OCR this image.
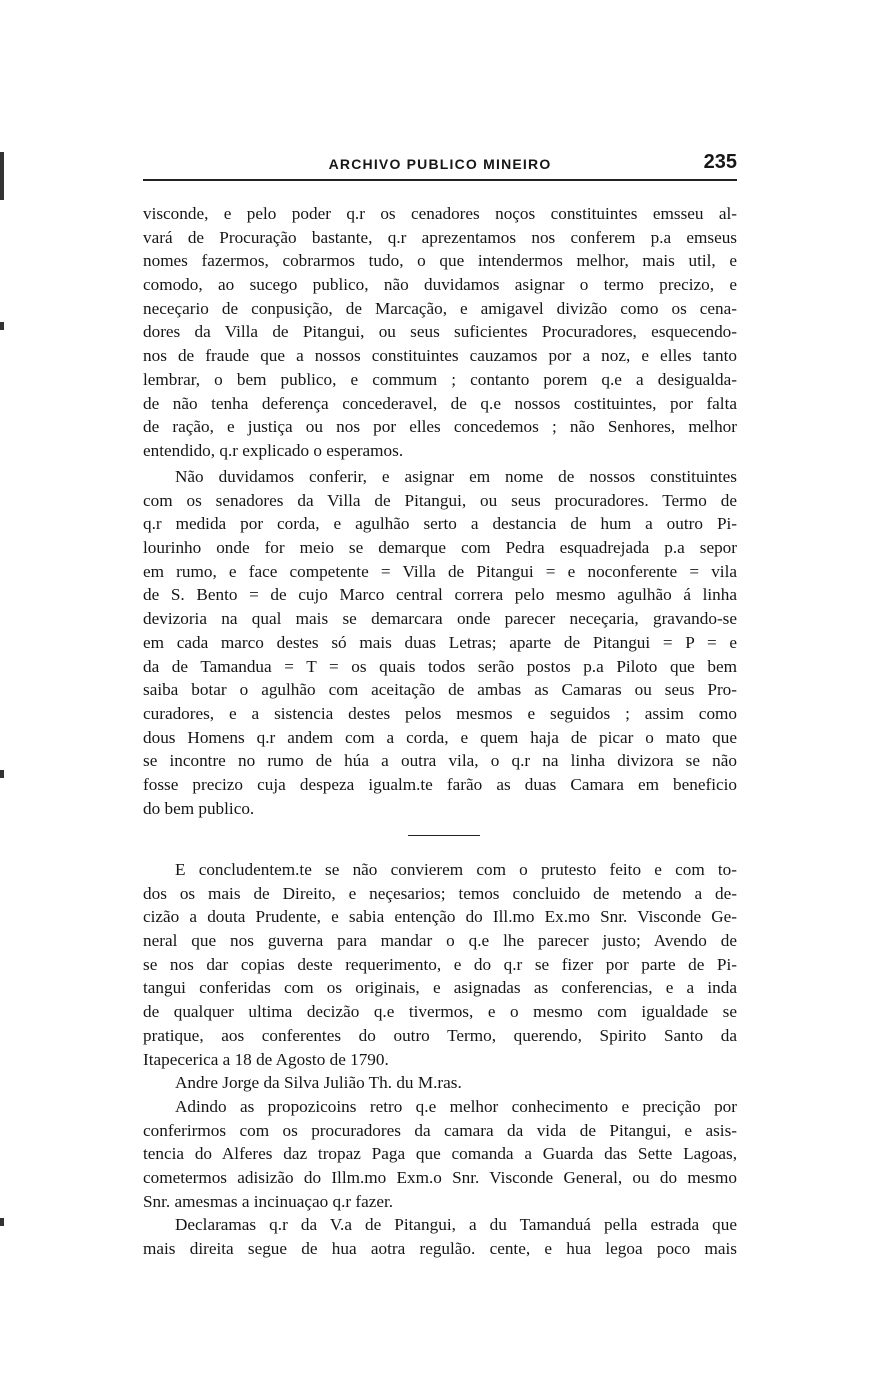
ARCHIVO PUBLICO MINEIRO	235
visconde, e pelo poder q.r os cenadores noços constituintes emsseu al-
vará de Procuração bastante, q.r aprezentamos nos conferem p.a emseus
nomes fazermos, cobrarmos tudo, o que intendermos melhor, mais util, e
comodo, ao sucego publico, não duvidamos asignar o termo precizo, e
neceçario de conpusição, de Marcação, e amigavel divizão como os cena-
dores da Villa de Pitangui, ou seus suficientes Procuradores, esquecendo-
nos de fraude que a nossos constituintes cauzamos por a noz, e elles tanto
lembrar, o bem publico, e commum ; contanto porem q.e a desigualda-
de não tenha deferença concederavel, de q.e nossos costituintes, por falta
de ração, e justiça ou nos por elles concedemos ; não Senhores, melhor
entendido, q.r explicado o esperamos.
Não duvidamos conferir, e asignar em nome de nossos constituintes
com os senadores da Villa de Pitangui, ou seus procuradores. Termo de
q.r medida por corda, e agulhão serto a destancia de hum a outro Pi-
lourinho onde for meio se demarque com Pedra esquadrejada p.a sepor
em rumo, e face competente = Villa de Pitangui = e noconferente = vila
de S. Bento = de cujo Marco central correra pelo mesmo agulhão á linha
devizoria na qual mais se demarcara onde parecer neceçaria, gravando-se
em cada marco destes só mais duas Letras; aparte de Pitangui = P = e
da de Tamandua = T = os quais todos serão postos p.a Piloto que bem
saiba botar o agulhão com aceitação de ambas as Camaras ou seus Pro-
curadores, e a sistencia destes pelos mesmos e seguidos ; assim como
dous Homens q.r andem com a corda, e quem haja de picar o mato que
se incontre no rumo de húa a outra vila, o q.r na linha divizora se não
fosse precizo cuja despeza igualm.te farão as duas Camara em beneficio
do bem publico.
E concludentem.te se não convierem com o prutesto feito e com to-
dos os mais de Direito, e neçesarios; temos concluido de metendo a de-
cizão a douta Prudente, e sabia entenção do Ill.mo Ex.mo Snr. Visconde Ge-
neral que nos guverna para mandar o q.e lhe parecer justo; Avendo de
se nos dar copias deste requerimento, e do q.r se fizer por parte de Pi-
tangui conferidas com os originais, e asignadas as conferencias, e a inda
de qualquer ultima decizão q.e tivermos, e o mesmo com igualdade se
pratique, aos conferentes do outro Termo, querendo, Spirito Santo da
Itapecerica a 18 de Agosto de 1790.
Andre Jorge da Silva Julião Th. du M.ras.
Adindo as propozicoins retro q.e melhor conhecimento e precição por
conferirmos com os procuradores da camara da vida de Pitangui, e asis-
tencia do Alferes daz tropaz Paga que comanda a Guarda das Sette Lagoas,
cometermos adisizão do Illm.mo Exm.o Snr. Visconde General, ou do mesmo
Snr. amesmas a incinuaçao q.r fazer.
Declaramas q.r da V.a de Pitangui, a du Tamanduá pella estrada que
mais direita segue de hua aotra regulão. cente, e hua legoa poco mais
